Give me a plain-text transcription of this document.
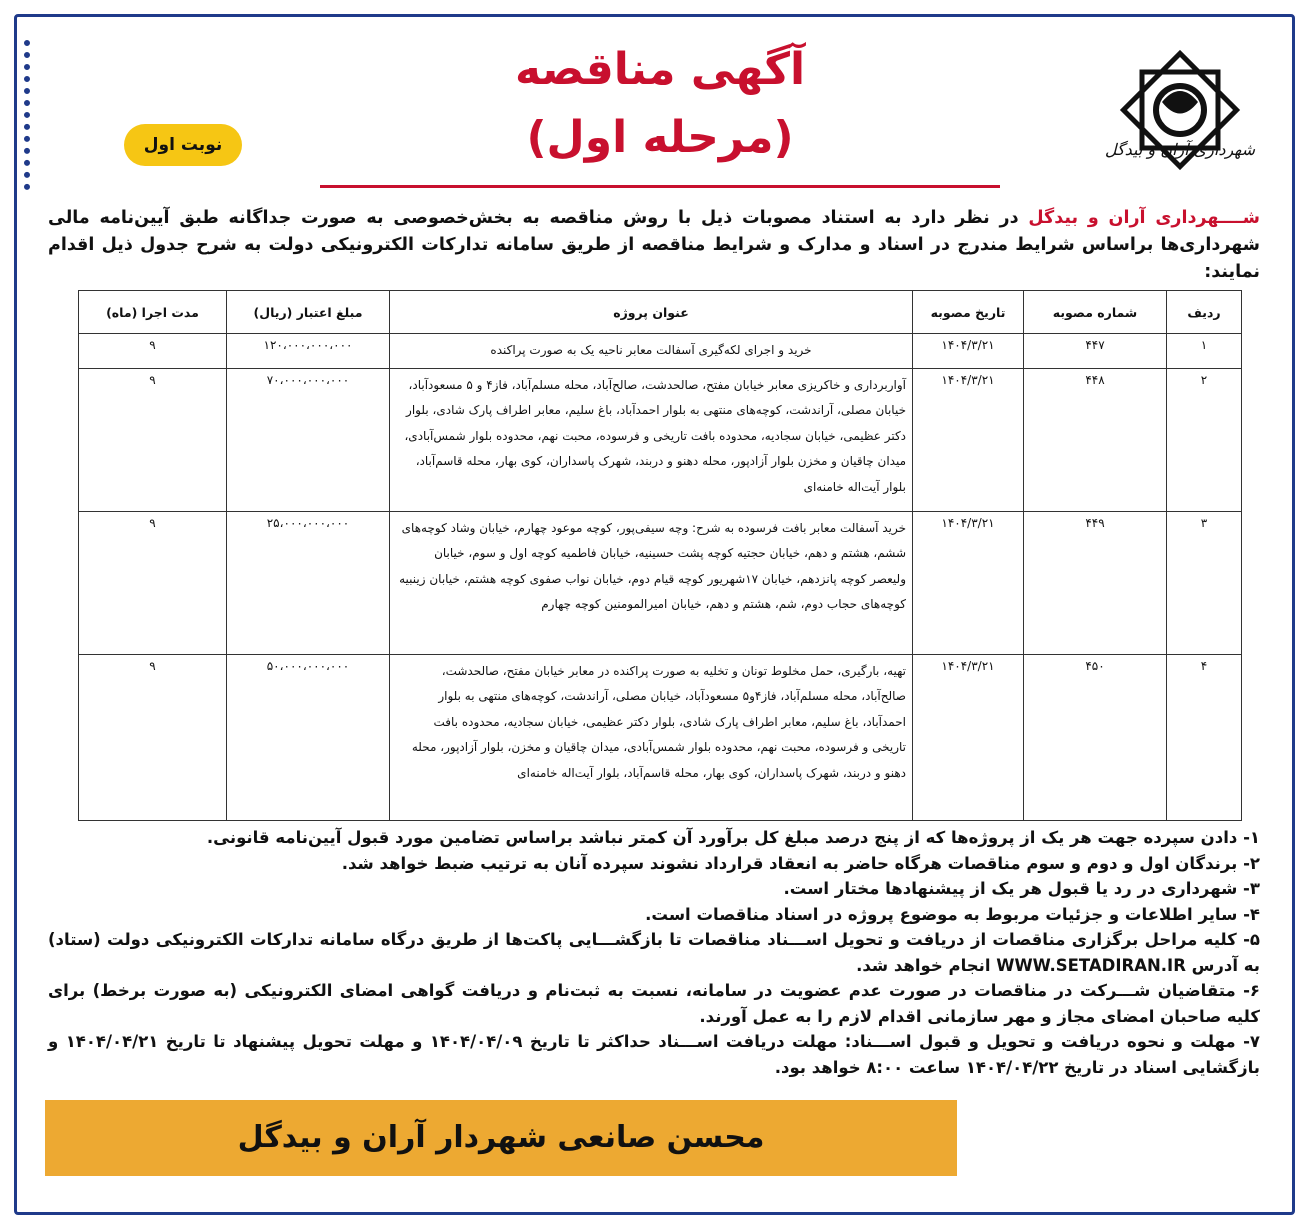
آگهی مناقصه
(مرحله اول)
نوبت اول	شهرداری آران و بیدگل
شــــهرداری آران و بیدگل در نظر دارد به استناد مصوبات ذیل با روش مناقصه به بخش‌خصوصی به صورت جداگانه طبق آیین‌نامه مالی شهرداری‌ها براساس شرایط مندرج در اسناد و مدارک و شرایط مناقصه از طریق سامانه تدارکات الکترونیکی دولت به شرح جدول ذیل اقدام نمایند:
ردیف	شماره مصوبه	تاریخ مصوبه	عنوان پروژه	مبلغ اعتبار (ریال)	مدت اجرا (ماه)
۱	۴۴۷	۱۴۰۴/۳/۲۱	خرید و اجرای لکه‌گیری آسفالت معابر ناحیه یک به صورت پراکنده	۱۲۰،۰۰۰،۰۰۰،۰۰۰	۹
۲	۴۴۸	۱۴۰۴/۳/۲۱	آواربرداری و خاکریزی معابر خیابان مفتح، صالحدشت، صالح‌آباد، محله مسلم‌آباد، فاز۴ و ۵ مسعودآباد، خیابان مصلی، آراندشت، کوچه‌های منتهی به بلوار احمدآباد، باغ سلیم، معابر اطراف پارک شادی، بلوار دکتر عظیمی، خیابان سجادیه، محدوده بافت تاریخی و فرسوده، محبت نهم، محدوده بلوار شمس‌آبادی، میدان چاقیان و مخزن بلوار آزادپور، محله دهنو و دربند، شهرک پاسداران، کوی بهار، محله قاسم‌آباد، بلوار آیت‌اله خامنه‌ای	۷۰،۰۰۰،۰۰۰،۰۰۰	۹
۳	۴۴۹	۱۴۰۴/۳/۲۱	خرید آسفالت معابر بافت فرسوده به شرح: وچه سیفی‌پور، کوچه موعود چهارم، خیابان وشاد کوچه‌های ششم، هشتم و دهم، خیابان حجتیه کوچه پشت حسینیه، خیابان فاطمیه کوچه اول و سوم، خیابان ولیعصر کوچه پانزدهم، خیابان ۱۷شهریور کوچه قیام دوم، خیابان نواب صفوی کوچه هشتم، خیابان زینبیه کوچه‌های حجاب دوم، شم، هشتم و دهم، خیابان امیرالمومنین کوچه چهارم	۲۵،۰۰۰،۰۰۰،۰۰۰	۹
۴	۴۵۰	۱۴۰۴/۳/۲۱	تهیه، بارگیری، حمل مخلوط تونان و تخلیه به صورت پراکنده در معابر خیابان مفتح، صالحدشت، صالح‌آباد، محله مسلم‌آباد، فاز۴و۵ مسعودآباد، خیابان مصلی، آراندشت، کوچه‌های منتهی به بلوار احمدآباد، باغ سلیم، معابر اطراف پارک شادی، بلوار دکتر عظیمی، خیابان سجادیه، محدوده بافت تاریخی و فرسوده، محبت نهم، محدوده بلوار شمس‌آبادی، میدان چاقیان و مخزن، بلوار آزادپور، محله دهنو و دربند، شهرک پاسداران، کوی بهار، محله قاسم‌آباد، بلوار آیت‌اله خامنه‌ای	۵۰،۰۰۰،۰۰۰،۰۰۰	۹

۱- دادن سپرده جهت هر یک از پروژه‌ها که از پنج درصد مبلغ کل برآورد آن کمتر نباشد براساس تضامین مورد قبول آیین‌نامه قانونی.

۲- برندگان اول و دوم و سوم مناقصات هرگاه حاضر به انعقاد قرارداد نشوند سپرده آنان به ترتیب ضبط خواهد شد.

۳- شهرداری در رد یا قبول هر یک از پیشنهادها مختار است.

۴- سایر اطلاعات و جزئیات مربوط به موضوع پروژه در اسناد مناقصات است.

۵- کلیه مراحل برگزاری مناقصات از دریافت و تحویل اســـناد مناقصات تا بازگشـــایی پاکت‌ها از طریق درگاه سامانه تدارکات الکترونیکی دولت (ستاد) به آدرس WWW.SETADIRAN.IR انجام خواهد شد.

۶- متقاضیان شـــرکت در مناقصات در صورت عدم عضویت در سامانه، نسبت به ثبت‌نام و دریافت گواهی امضای الکترونیکی (به صورت برخط) برای کلیه صاحبان امضای مجاز و مهر سازمانی اقدام لازم را به عمل آورند.

۷- مهلت و نحوه دریافت و تحویل و قبول اســـناد: مهلت دریافت اســـناد حداکثر تا تاریخ ۱۴۰۴/۰۴/۰۹ و مهلت تحویل پیشنهاد تا تاریخ ۱۴۰۴/۰۴/۲۱ و بازگشایی اسناد در تاریخ ۱۴۰۴/۰۴/۲۲ ساعت ۸:۰۰ خواهد بود.

محسن صانعی شهردار آران و بیدگل
